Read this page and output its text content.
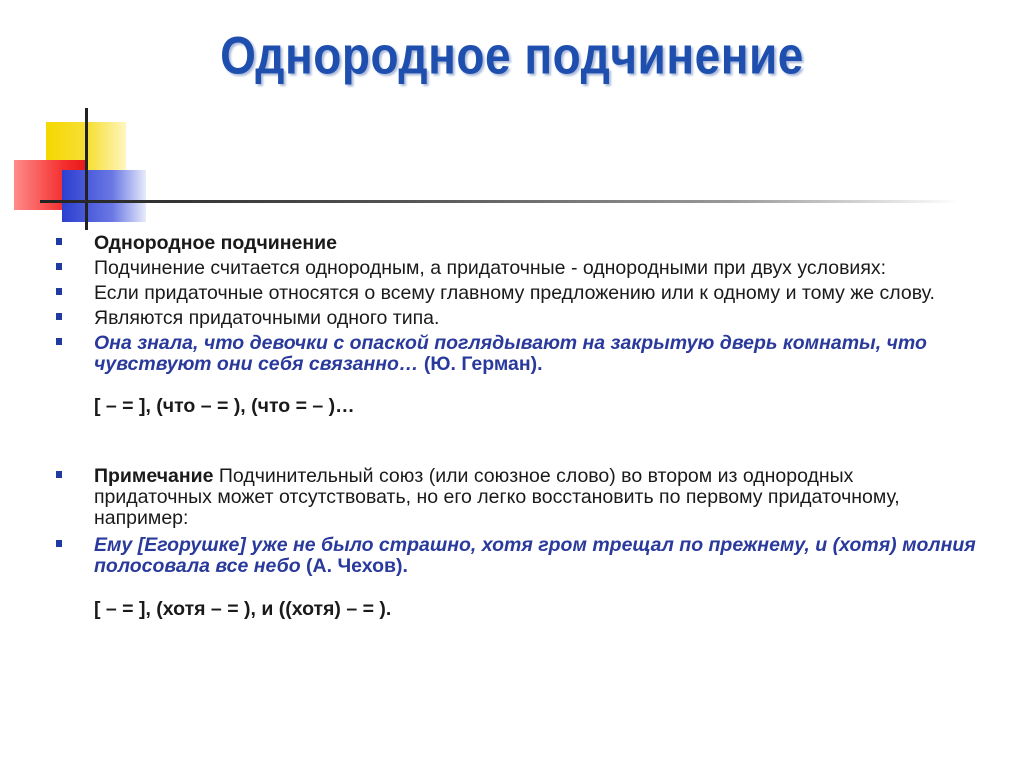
Однородное подчинение
Однородное подчинение
Подчинение считается однородным, а придаточные - однородными при двух условиях:
Если придаточные относятся о всему главному предложению или к одному и тому же слову.
Являются придаточными одного типа.
Она знала, что девочки с опаской поглядывают на закрытую дверь комнаты, что чувствуют они себя связанно… (Ю. Герман).
[ – = ], (что – = ), (что = – )…
Примечание Подчинительный союз (или союзное слово) во втором из однородных придаточных может отсутствовать, но его легко восстановить по первому придаточному, например:
Ему [Егорушке] уже не было страшно, хотя гром трещал по прежнему, и (хотя) молния полосовала все небо (А. Чехов).
[ – = ], (хотя – = ), и ((хотя) – = ).
